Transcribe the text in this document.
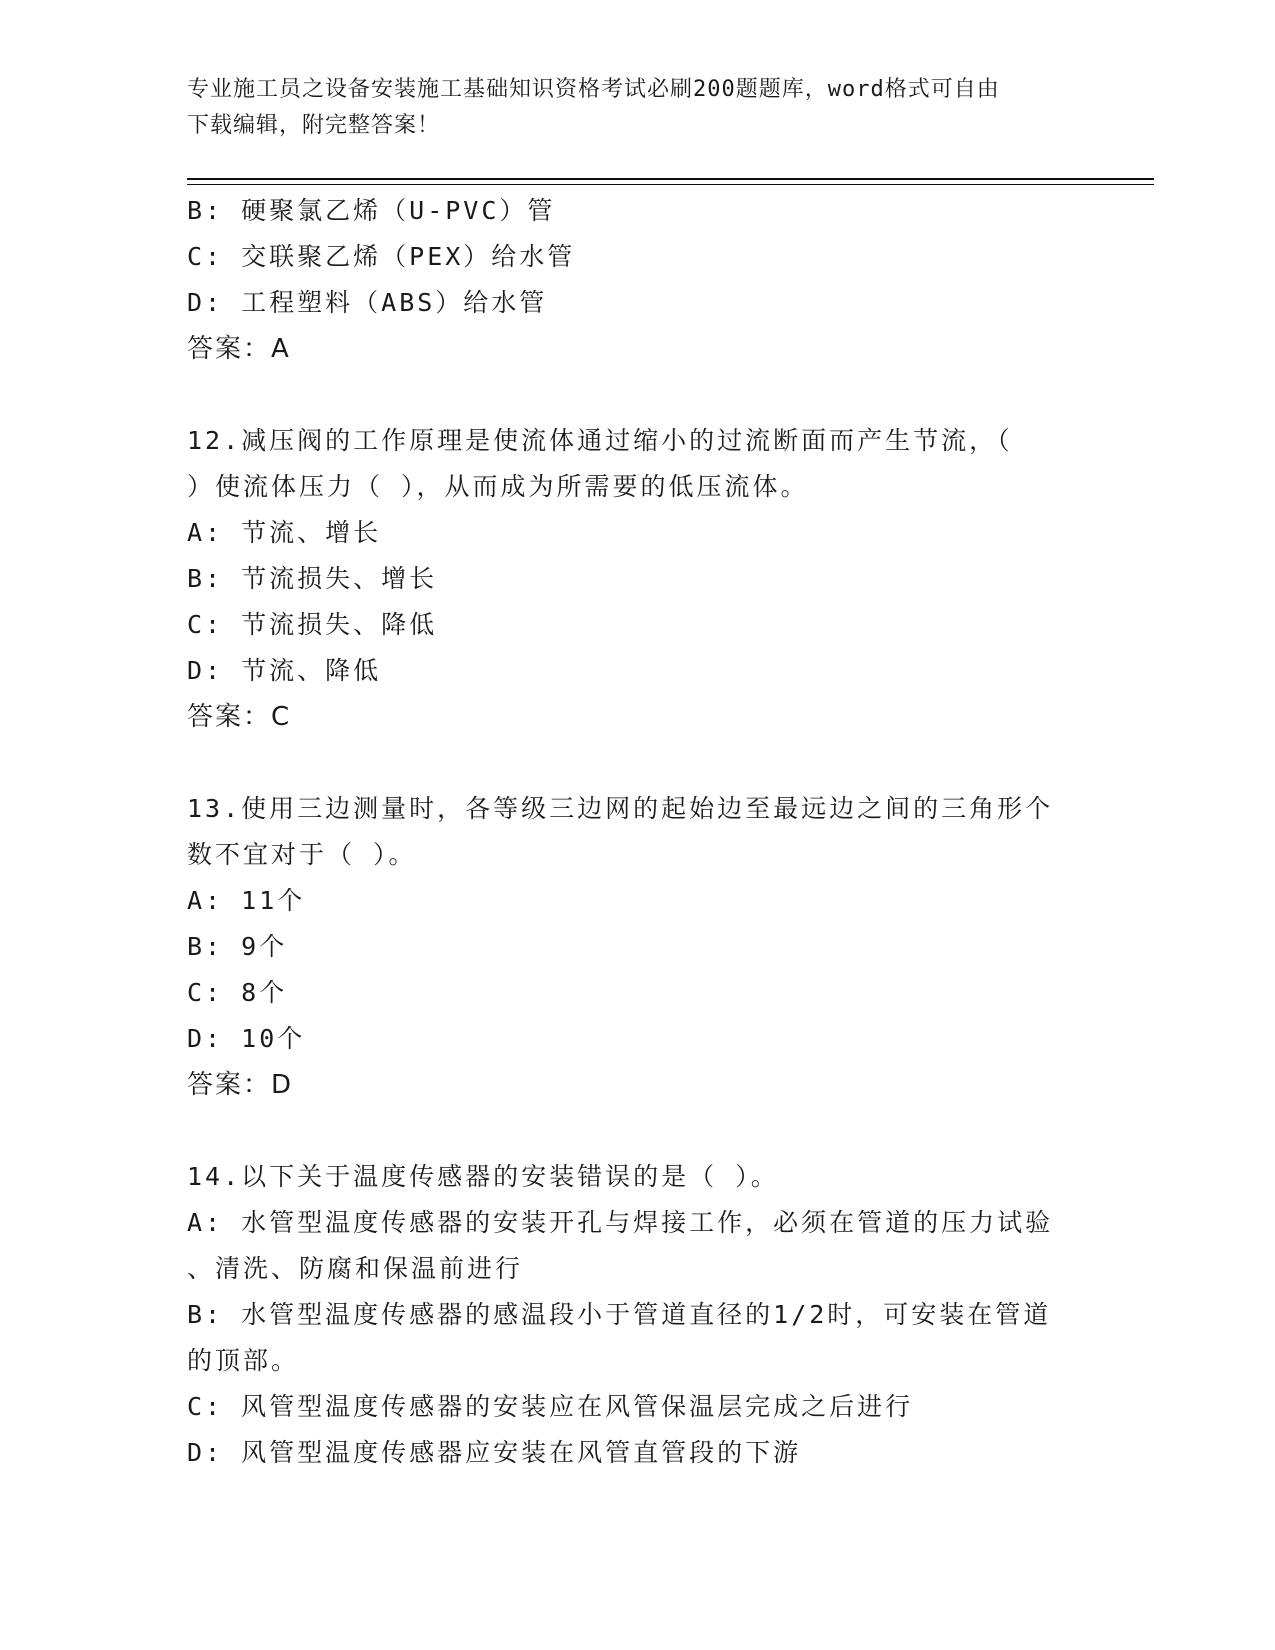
专业施工员之设备安装施工基础知识资格考试必刷200题题库，word格式可自由
下载编辑，附完整答案！
B: 硬聚氯乙烯（U-PVC）管
C: 交联聚乙烯（PEX）给水管
D: 工程塑料（ABS）给水管
答案：A
12.减压阀的工作原理是使流体通过缩小的过流断面而产生节流，（
）使流体压力（ ），从而成为所需要的低压流体。
A: 节流、增长
B: 节流损失、增长
C: 节流损失、降低
D: 节流、降低
答案：C
13.使用三边测量时，各等级三边网的起始边至最远边之间的三角形个
数不宜对于（ ）。
A: 11个
B: 9个
C: 8个
D: 10个
答案：D
14.以下关于温度传感器的安装错误的是（ ）。
A: 水管型温度传感器的安装开孔与焊接工作，必须在管道的压力试验
、清洗、防腐和保温前进行
B: 水管型温度传感器的感温段小于管道直径的1/2时，可安装在管道
的顶部。
C: 风管型温度传感器的安装应在风管保温层完成之后进行
D: 风管型温度传感器应安装在风管直管段的下游
